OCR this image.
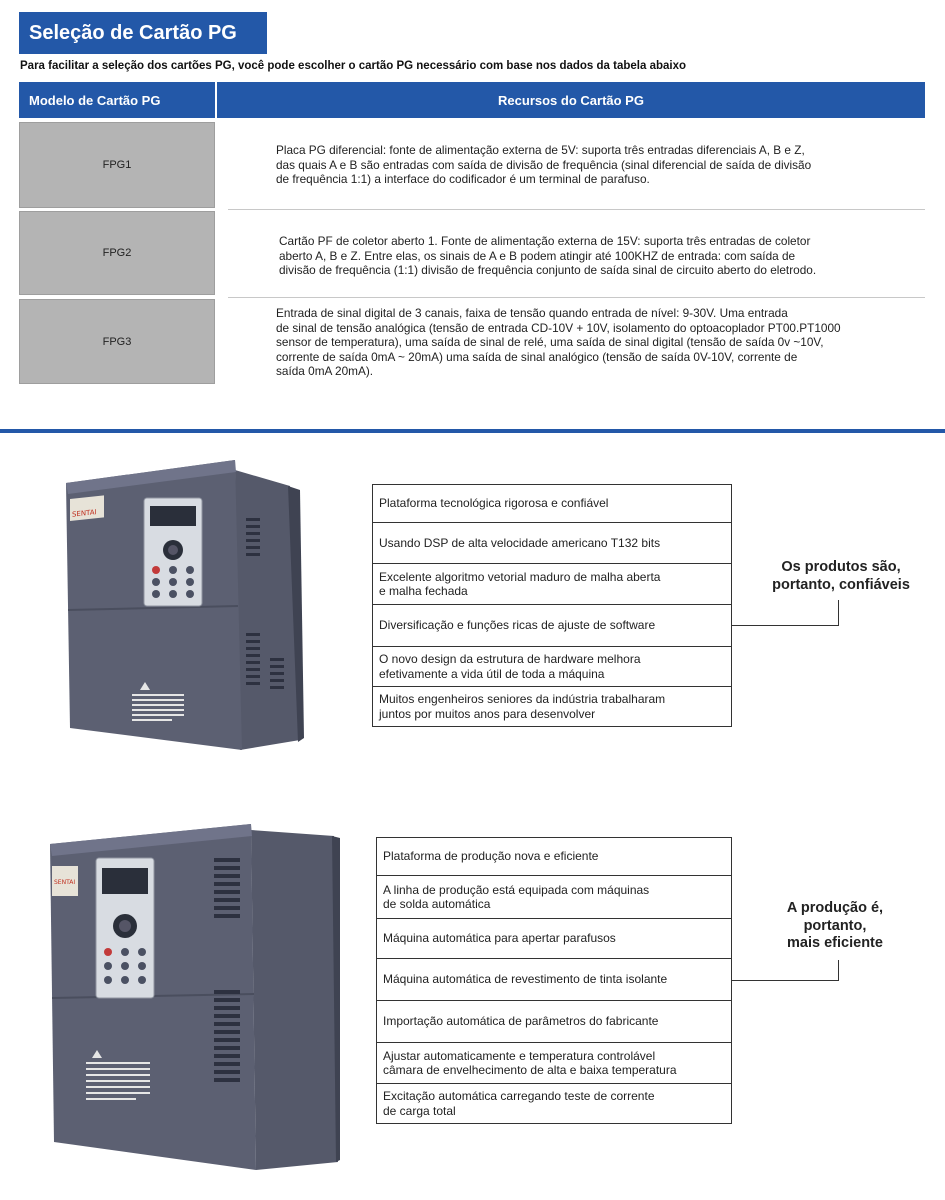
Seleção de Cartão PG
Para facilitar a seleção dos cartões PG, você pode escolher o cartão PG necessário com base nos dados da tabela abaixo
Modelo de Cartão PG	Recursos do Cartão PG
FPG1
Placa PG diferencial: fonte de alimentação externa de 5V: suporta três entradas diferenciais A, B e Z,
das quais A e B são entradas com saída de divisão de frequência (sinal diferencial de saída de divisão
de frequência 1:1) a interface do codificador é um terminal de parafuso.
FPG2
Cartão PF de coletor aberto 1. Fonte de alimentação externa de 15V: suporta três entradas de coletor
aberto A, B e Z. Entre elas, os sinais de A e B podem atingir até 100KHZ de entrada: com saída de
divisão de frequência (1:1) divisão de frequência conjunto de saída sinal de circuito aberto do eletrodo.
FPG3
Entrada de sinal digital de 3 canais, faixa de tensão quando entrada de nível: 9-30V. Uma entrada
de sinal de tensão analógica (tensão de entrada CD-10V + 10V, isolamento do optoacoplador PT00.PT1000
sensor de temperatura), uma saída de sinal de relé, uma saída de sinal digital (tensão de saída 0v ~10V,
corrente de saída 0mA ~ 20mA) uma saída de sinal analógico (tensão de saída 0V-10V, corrente de
saída 0mA 20mA).
SENTAI
Plataforma tecnológica rigorosa e confiável
Usando DSP de alta velocidade americano T132 bits
Excelente algoritmo vetorial maduro de malha aberta
e malha fechada
Diversificação e funções ricas de ajuste de software
O novo design da estrutura de hardware melhora
efetivamente a vida útil de toda a máquina
Muitos engenheiros seniores da indústria trabalharam
juntos por muitos anos para desenvolver
Os produtos são,
portanto, confiáveis
SENTAI
Plataforma de produção nova e eficiente
A linha de produção está equipada com máquinas
de solda automática
Máquina automática para apertar parafusos
Máquina automática de revestimento de tinta isolante
Importação automática de parâmetros do fabricante
Ajustar automaticamente e temperatura controlável
câmara de envelhecimento de alta e baixa temperatura
Excitação automática carregando teste de corrente
de carga total
A produção é,
portanto,
mais eficiente
